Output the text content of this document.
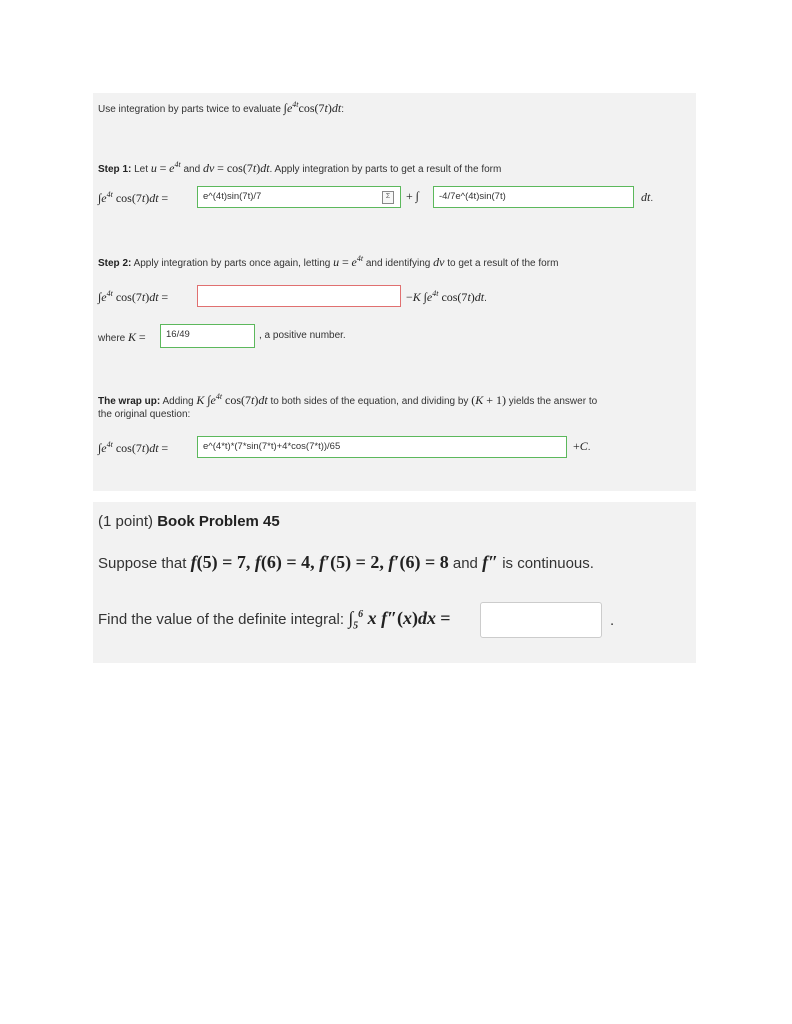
Use integration by parts twice to evaluate $\int e^{4t}\cos(7t)dt$:
Step 1: Let $u = e^{4t}$ and dv = cos(7t)dt. Apply integration by parts to get a result of the form
$\int e^{4t}$ cos(7t)dt =	e^(4t)sin(7t)/7	Σ	+ ∫	-4/7e^(4t)sin(7t)	dt.
Step 2: Apply integration by parts once again, letting $u = e^{4t}$ and identifying dv to get a result of the form
$\int e^{4t}$ cos(7t)dt =	−K $\int e^{4t}$ cos(7t)dt.
where K =	16/49	, a positive number.
The wrap up: Adding K $\int e^{4t}$ cos(7t)dt to both sides of the equation, and dividing by (K + 1) yields the answer to
the original question:
$\int e^{4t}$ cos(7t)dt =	e^(4*t)*(7*sin(7*t)+4*cos(7*t))/65	+C.
(1 point) Book Problem 45
Suppose that f(5) = 7, f(6) = 4, f′(5) = 2, f′(6) = 8 and f″ is continuous.
Find the value of the definite integral: $\int_5^6$ x f″(x)dx =	.
